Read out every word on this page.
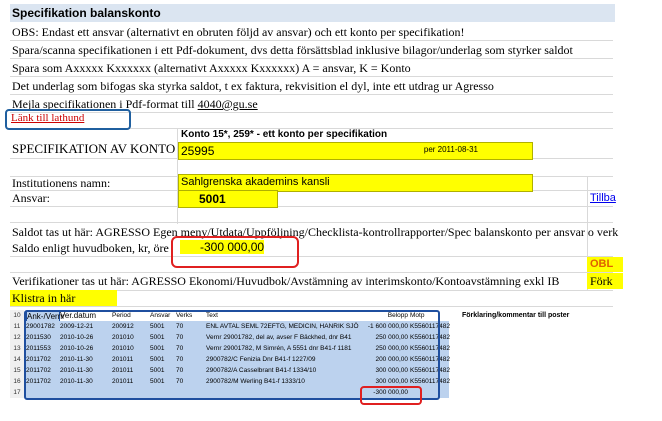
Specifikation balanskonto
OBS: Endast ett ansvar (alternativt en obruten följd av ansvar) och ett konto per specifikation!
Spara/scanna specifikationen i ett Pdf-dokument, dvs detta försättsblad inklusive bilagor/underlag som styrker saldot
Spara som Axxxxx Kxxxxxx (alternativt Axxxxx Kxxxxxx) A = ansvar, K = Konto
Det underlag som bifogas ska styrka saldot, t ex faktura, rekvisition el dyl, inte ett utdrag ur Agresso
Mejla specifikationen i Pdf-format till 4040@gu.se
Länk till lathund
Konto 15*, 259* - ett konto per specifikation
SPECIFIKATION AV KONTO 25995	per 2011-08-31
Institutionens namn:	Sahlgrenska akademins kansli
Ansvar:	5001	Tillba
Saldot tas ut här: AGRESSO Egen meny/Utdata/Uppföljning/Checklista-kontrollrapporter/Spec balanskonto per ansvar o verk
Saldo enligt huvudboken, kr, öre	-300 000,00
OBL
Verifikationer tas ut här: AGRESSO Ekonomi/Huvudbok/Avstämning av interimskonto/Kontoavstämning exkl IB	Förk
Klistra in här
10 Ank-/Vernr
Ver.datum	Period	Ansvar Verks Text	Belopp Motp	Förklaring/kommentar till poster
11 29001782 2009-12-21	200912	5001	70	ENL AVTAL SEML 72EFTG, MEDICIN, HANRIK SJÖ	-1 600 000,00 K5560117482
12 2011530	2010-10-26	201010	5001	70	Vernr 29001782, del av, avser F Bäckhed, dnr B41	250 000,00 K5560117482
13 2011553	2010-10-26	201010	5001	70	Vernr 29001782, M Simrén, A 5551 dnr B41-f 1181	250 000,00 K5560117482
14 2011702	2010-11-30	201011	5001	70	2900782/C Fenizia Dnr B41-f 1227/09	200 000,00 K5560117482
15 2011702	2010-11-30	201011	5001	70	2900782/A Casselbrant B41-f 1334/10	300 000,00 K5560117482
16 2011702	2010-11-30	201011	5001	70	2900782/M Werling B41-f 1333/10	300 000,00 K5560117482
17	-300 000,00
